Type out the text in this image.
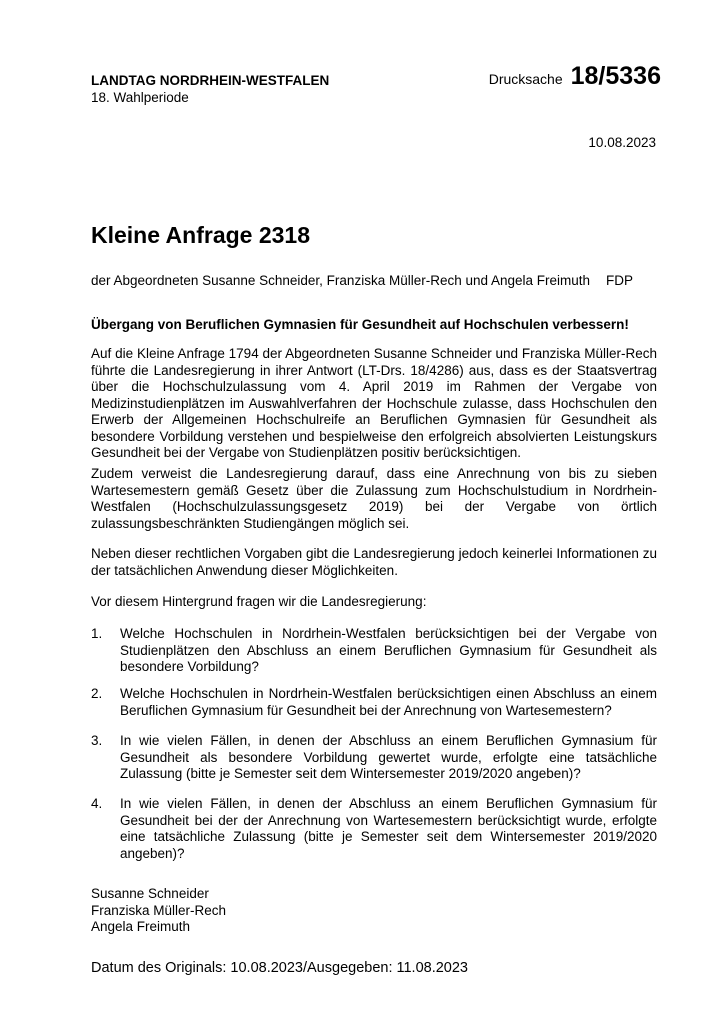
LANDTAG NORDRHEIN-WESTFALEN
18. Wahlperiode
Drucksache 18/5336
10.08.2023
Kleine Anfrage 2318
der Abgeordneten Susanne Schneider, Franziska Müller-Rech und Angela Freimuth FDP
Übergang von Beruflichen Gymnasien für Gesundheit auf Hochschulen verbessern!

Auf die Kleine Anfrage 1794 der Abgeordneten Susanne Schneider und Franziska Müller-Rech führte die Landesregierung in ihrer Antwort (LT-Drs. 18/4286) aus, dass es der Staatsvertrag über die Hochschulzulassung vom 4. April 2019 im Rahmen der Vergabe von Medizinstudienplätzen im Auswahlverfahren der Hochschule zulasse, dass Hochschulen den Erwerb der Allgemeinen Hochschulreife an Beruflichen Gymnasien für Gesundheit als besondere Vorbildung verstehen und bespielweise den erfolgreich absolvierten Leistungskurs Gesundheit bei der Vergabe von Studienplätzen positiv berücksichtigen.

Zudem verweist die Landesregierung darauf, dass eine Anrechnung von bis zu sieben Wartesemestern gemäß Gesetz über die Zulassung zum Hochschulstudium in Nordrhein-Westfalen (Hochschulzulassungsgesetz 2019) bei der Vergabe von örtlich zulassungsbeschränkten Studiengängen möglich sei.

Neben dieser rechtlichen Vorgaben gibt die Landesregierung jedoch keinerlei Informationen zu der tatsächlichen Anwendung dieser Möglichkeiten.

Vor diesem Hintergrund fragen wir die Landesregierung:

1. Welche Hochschulen in Nordrhein-Westfalen berücksichtigen bei der Vergabe von Studienplätzen den Abschluss an einem Beruflichen Gymnasium für Gesundheit als besondere Vorbildung?
2. Welche Hochschulen in Nordrhein-Westfalen berücksichtigen einen Abschluss an einem Beruflichen Gymnasium für Gesundheit bei der Anrechnung von Wartesemestern?
3. In wie vielen Fällen, in denen der Abschluss an einem Beruflichen Gymnasium für Gesundheit als besondere Vorbildung gewertet wurde, erfolgte eine tatsächliche Zulassung (bitte je Semester seit dem Wintersemester 2019/2020 angeben)?
4. In wie vielen Fällen, in denen der Abschluss an einem Beruflichen Gymnasium für Gesundheit bei der der Anrechnung von Wartesemestern berücksichtigt wurde, erfolgte eine tatsächliche Zulassung (bitte je Semester seit dem Wintersemester 2019/2020 angeben)?
Susanne Schneider
Franziska Müller-Rech
Angela Freimuth
Datum des Originals: 10.08.2023/Ausgegeben: 11.08.2023
